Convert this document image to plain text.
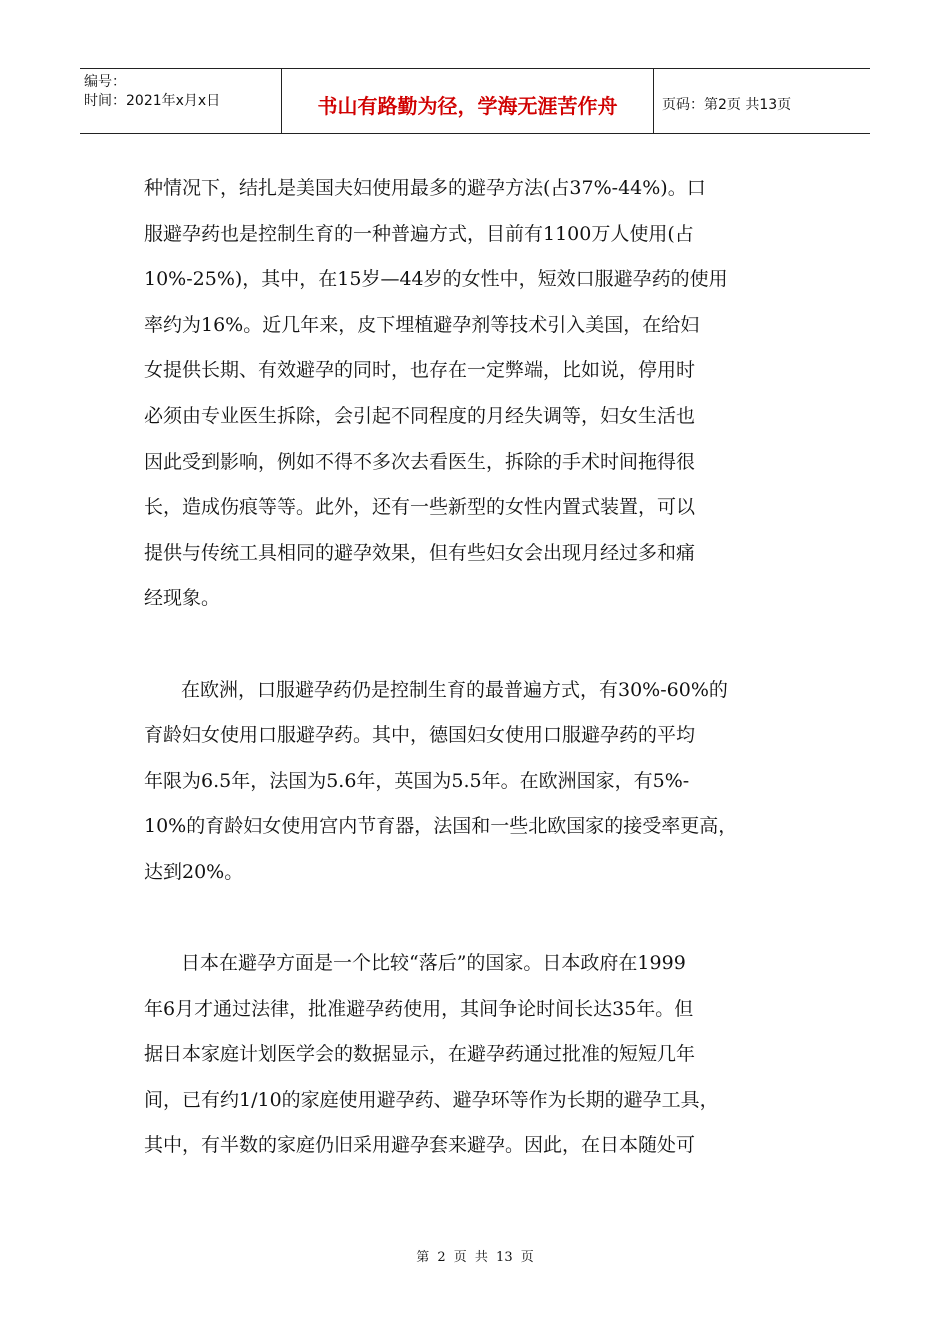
编号：
时间：2021年x月x日	书山有路勤为径，学海无涯苦作舟	页码：第2页 共13页
种情况下，结扎是美国夫妇使用最多的避孕方法(占37%-44%)。口
服避孕药也是控制生育的一种普遍方式，目前有1100万人使用(占
10%-25%)，其中，在15岁—44岁的女性中，短效口服避孕药的使用
率约为16%。近几年来，皮下埋植避孕剂等技术引入美国，在给妇
女提供长期、有效避孕的同时，也存在一定弊端，比如说，停用时
必须由专业医生拆除，会引起不同程度的月经失调等，妇女生活也
因此受到影响，例如不得不多次去看医生，拆除的手术时间拖得很
长，造成伤痕等等。此外，还有一些新型的女性内置式装置，可以
提供与传统工具相同的避孕效果，但有些妇女会出现月经过多和痛
经现象。
在欧洲，口服避孕药仍是控制生育的最普遍方式，有30%-60%的
育龄妇女使用口服避孕药。其中，德国妇女使用口服避孕药的平均
年限为6.5年，法国为5.6年，英国为5.5年。在欧洲国家，有5%-
10%的育龄妇女使用宫内节育器，法国和一些北欧国家的接受率更高，
达到20%。
日本在避孕方面是一个比较“落后”的国家。日本政府在1999
年6月才通过法律，批准避孕药使用，其间争论时间长达35年。但
据日本家庭计划医学会的数据显示，在避孕药通过批准的短短几年
间，已有约1/10的家庭使用避孕药、避孕环等作为长期的避孕工具，
其中，有半数的家庭仍旧采用避孕套来避孕。因此，在日本随处可
第 2 页 共 13 页
